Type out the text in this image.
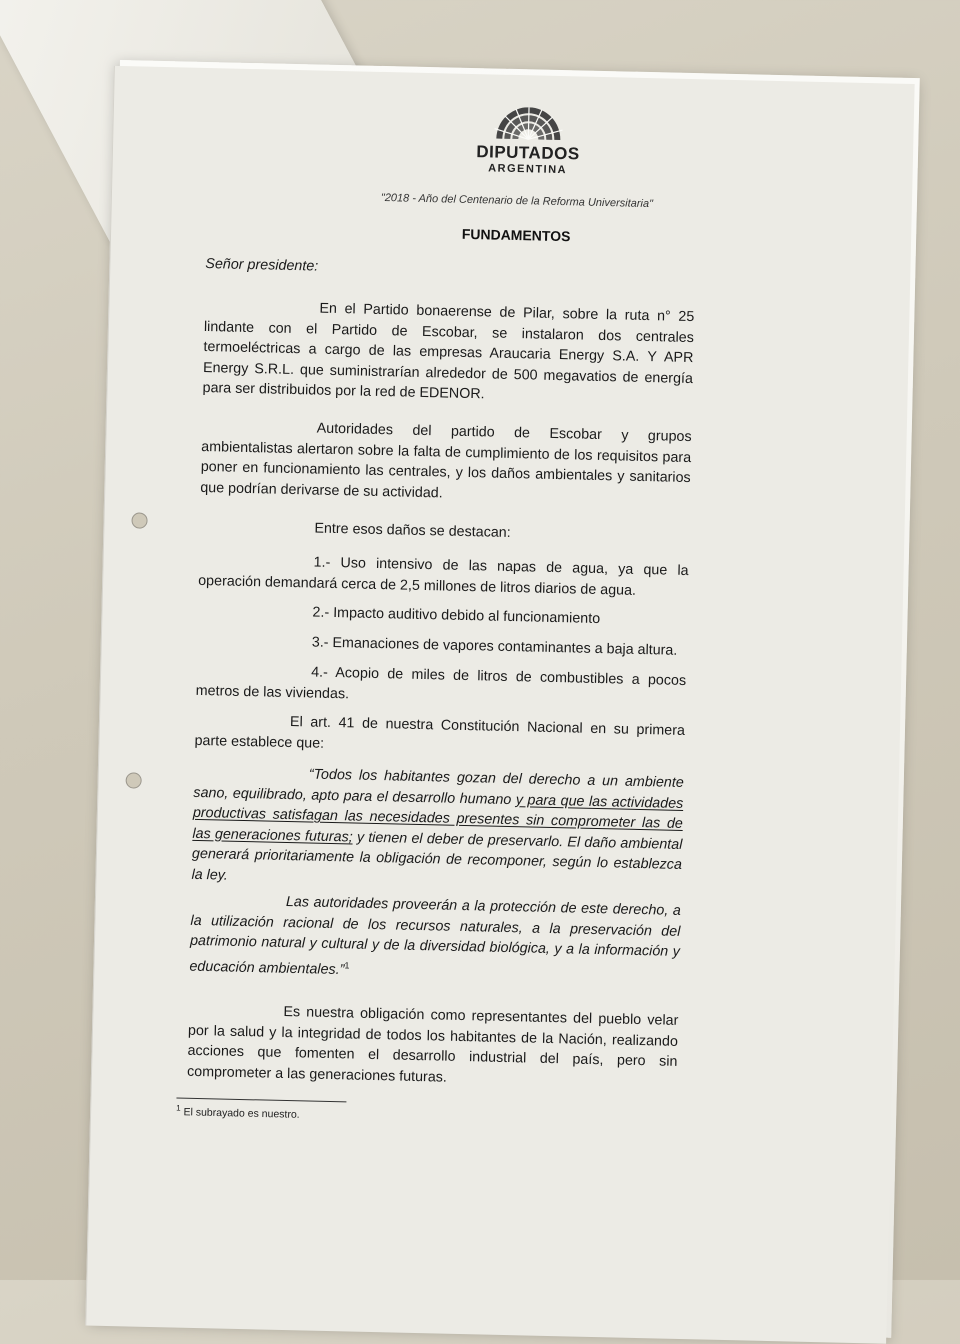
DIPUTADOS
ARGENTINA
"2018 - Año del Centenario de la Reforma Universitaria"
FUNDAMENTOS
Señor presidente:
En el Partido bonaerense de Pilar, sobre la ruta n° 25 lindante con el Partido de Escobar, se instalaron dos centrales termoeléctricas a cargo de las empresas Araucaria Energy S.A. Y APR Energy S.R.L. que suministrarían alrededor de 500 megavatios de energía para ser distribuidos por la red de EDENOR.
Autoridades del partido de Escobar y grupos ambientalistas alertaron sobre la falta de cumplimiento de los requisitos para poner en funcionamiento las centrales, y los daños ambientales y sanitarios que podrían derivarse de su actividad.
Entre esos daños se destacan:
1.- Uso intensivo de las napas de agua, ya que la operación demandará cerca de 2,5 millones de litros diarios de agua.
2.- Impacto auditivo debido al funcionamiento
3.- Emanaciones de vapores contaminantes a baja altura.
4.- Acopio de miles de litros de combustibles a pocos metros de las viviendas.
El art. 41 de nuestra Constitución Nacional en su primera parte establece que:
“Todos los habitantes gozan del derecho a un ambiente sano, equilibrado, apto para el desarrollo humano y para que las actividades productivas satisfagan las necesidades presentes sin comprometer las de las generaciones futuras; y tienen el deber de preservarlo. El daño ambiental generará prioritariamente la obligación de recomponer, según lo establezca la ley.
Las autoridades proveerán a la protección de este derecho, a la utilización racional de los recursos naturales, a la preservación del patrimonio natural y cultural y de la diversidad biológica, y a la información y educación ambientales.”$^1$
Es nuestra obligación como representantes del pueblo velar por la salud y la integridad de todos los habitantes de la Nación, realizando acciones que fomenten el desarrollo industrial del país, pero sin comprometer a las generaciones futuras.
$^1$ El subrayado es nuestro.
